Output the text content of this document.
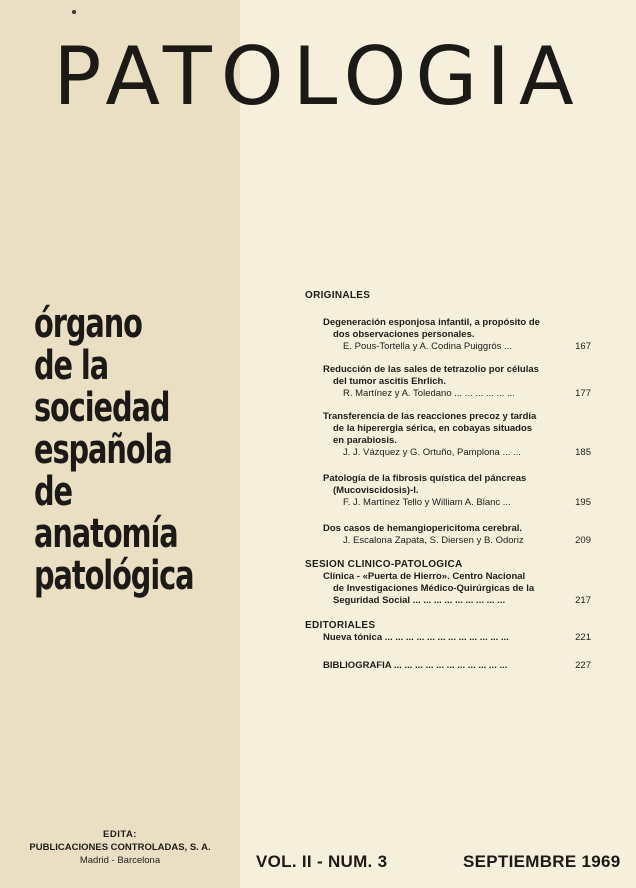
PATOLOGIA
órgano
de la
sociedad
española
de
anatomía
patológica
ORIGINALES
Degeneración esponjosa infantil, a propósito de
dos observaciones personales.
E. Pous-Tortella y A. Codina Puiggrós ...	167
Reducción de las sales de tetrazolio por células
del tumor ascitis Ehrlich.
R. Martínez y A. Toledano ... ... ... ... ... ...	177
Transferencia de las reacciones precoz y tardía
de la hiperergia sérica, en cobayas situados
en parabiosis.
J. J. Vázquez y G. Ortuño, Pamplona ... ...	185
Patología de la fibrosis quística del páncreas
(Mucoviscidosis)-I.
F. J. Martínez Tello y William A. Blanc ...	195
Dos casos de hemangiopericitoma cerebral.
J. Escalona Zapata, S. Diersen y B. Odoriz	209
SESION CLINICO-PATOLOGICA
Clínica - «Puerta de Hierro». Centro Nacional
de Investigaciones Médico-Quirúrgicas de la
Seguridad Social ... ... ... ... ... ... ... ... ...	217
EDITORIALES
Nueva tónica ... ... ... ... ... ... ... ... ... ... ... ...	221
BIBLIOGRAFIA ... ... ... ... ... ... ... ... ... ... ...	227
EDITA:
PUBLICACIONES CONTROLADAS, S. A.
Madrid - Barcelona	VOL. II - NUM. 3	SEPTIEMBRE 1969
